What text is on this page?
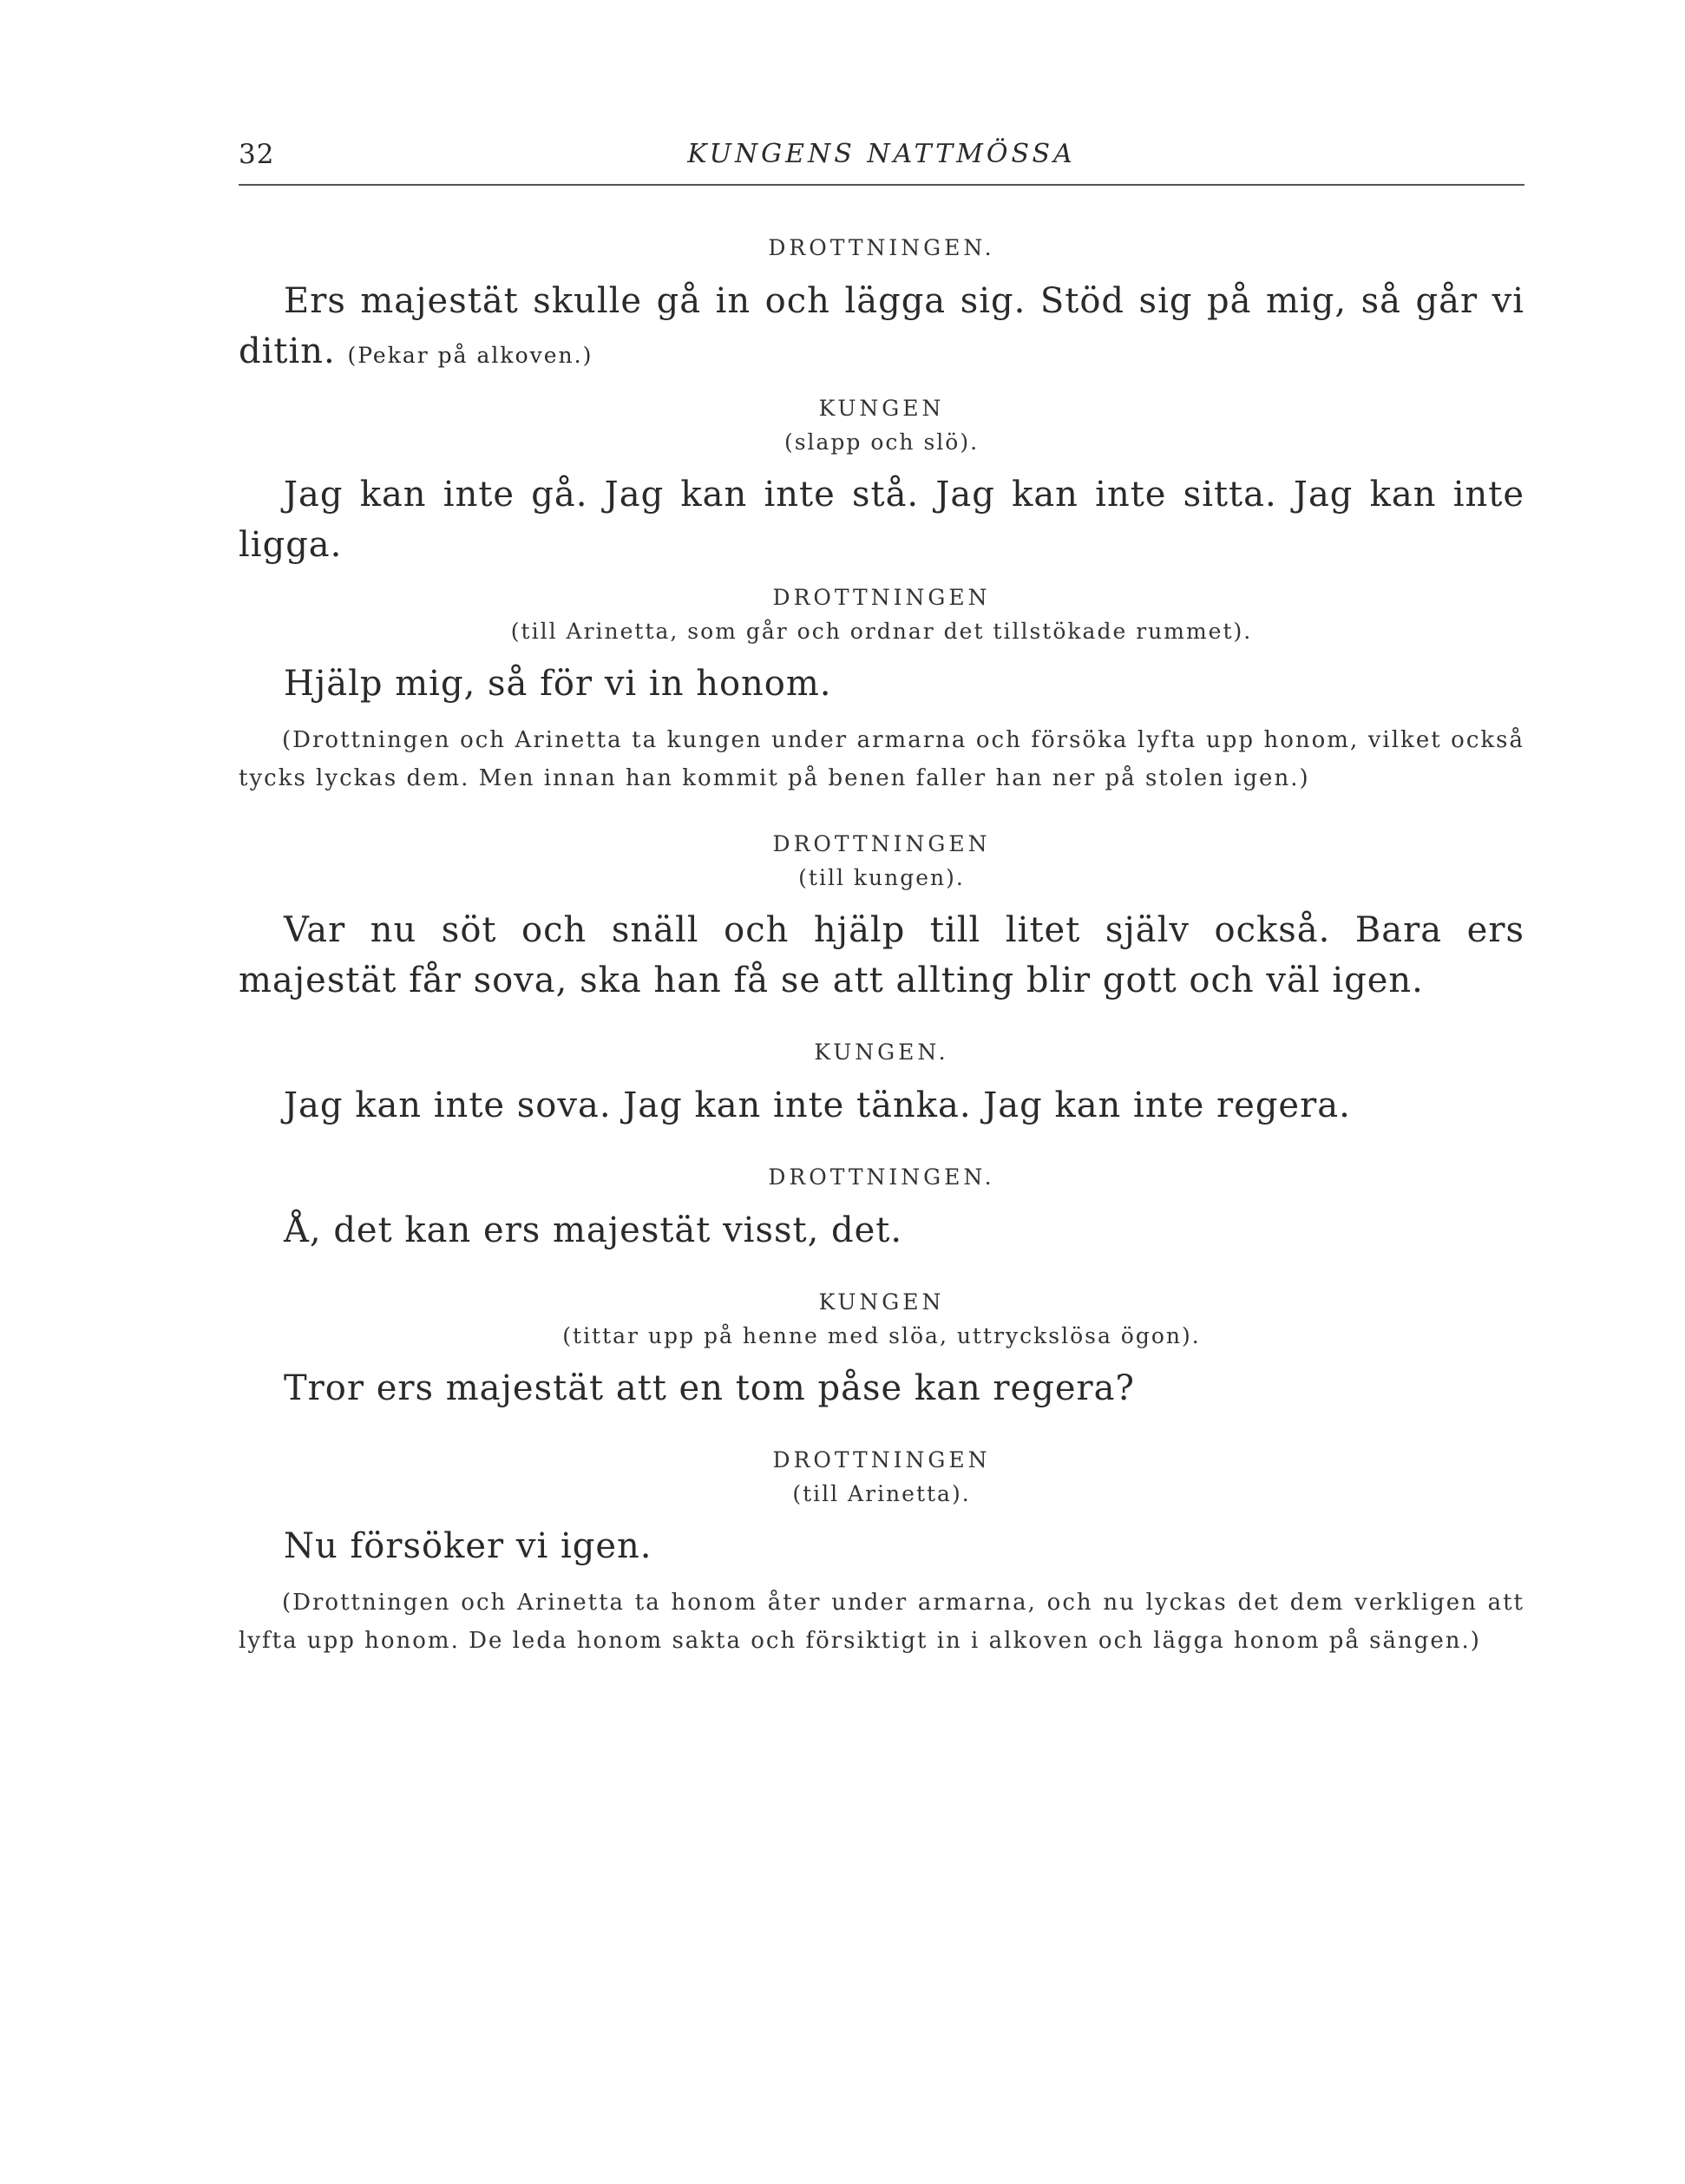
32	KUNGENS NATTMÖSSA

DROTTNINGEN.

Ers majestät skulle gå in och lägga sig. Stöd sig på mig, så går vi ditin. (Pekar på alkoven.)

KUNGEN

(slapp och slö).

Jag kan inte gå. Jag kan inte stå. Jag kan inte sitta. Jag kan inte ligga.

DROTTNINGEN

(till Arinetta, som går och ordnar det tillstökade rummet).

Hjälp mig, så för vi in honom.

(Drottningen och Arinetta ta kungen under armarna och försöka lyfta upp honom, vilket också tycks lyckas dem. Men innan han kommit på benen faller han ner på stolen igen.)

DROTTNINGEN

(till kungen).

Var nu söt och snäll och hjälp till litet själv också. Bara ers majestät får sova, ska han få se att allting blir gott och väl igen.

KUNGEN.

Jag kan inte sova. Jag kan inte tänka. Jag kan inte regera.

DROTTNINGEN.

Å, det kan ers majestät visst, det.

KUNGEN

(tittar upp på henne med slöa, uttryckslösa ögon).

Tror ers majestät att en tom påse kan regera?

DROTTNINGEN

(till Arinetta).

Nu försöker vi igen.

(Drottningen och Arinetta ta honom åter under armarna, och nu lyckas det dem verkligen att lyfta upp honom. De leda honom sakta och försiktigt in i alkoven och lägga honom på sängen.)
